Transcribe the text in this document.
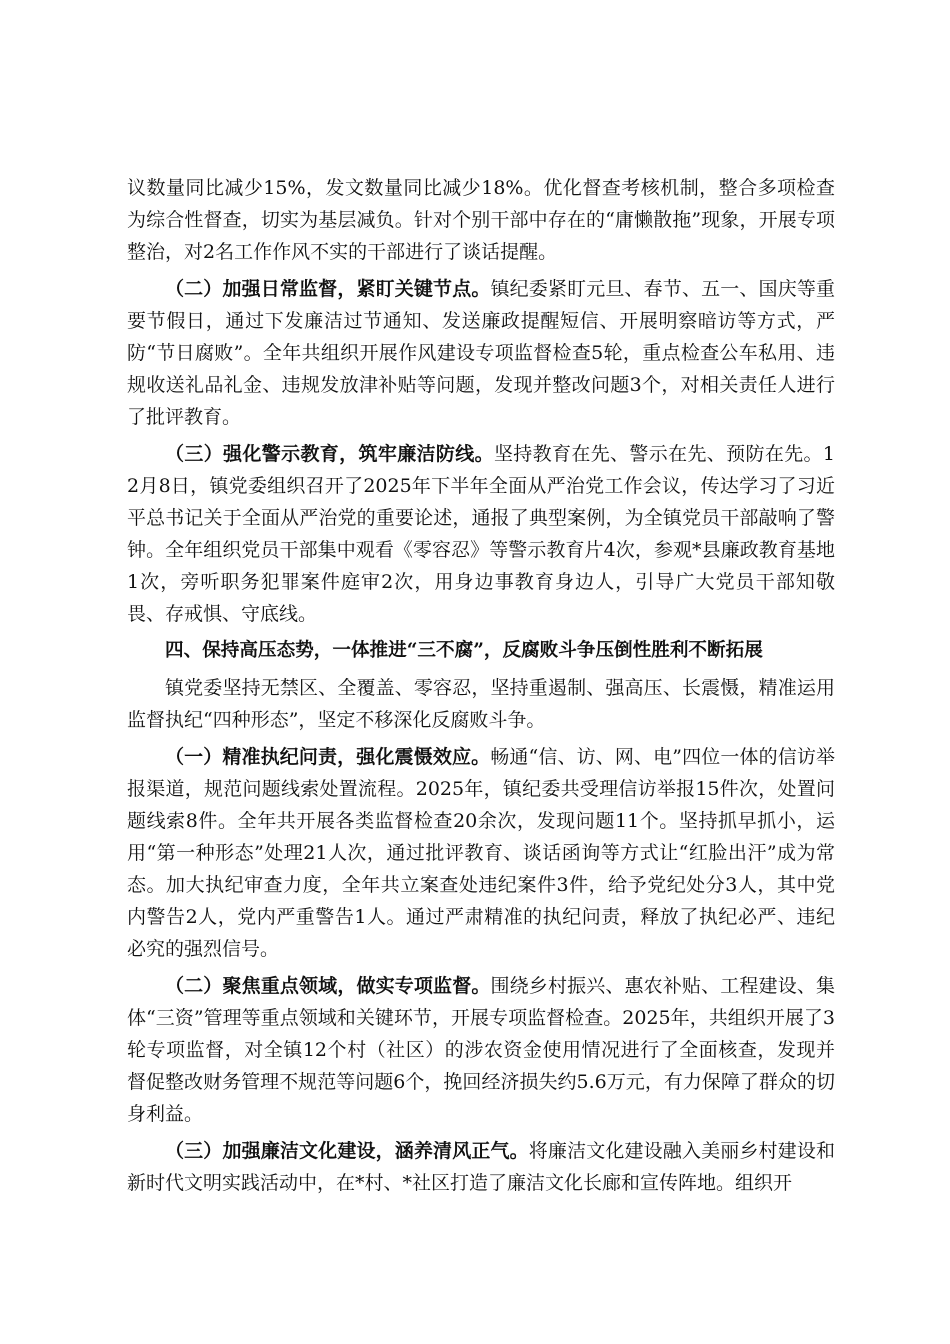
议数量同比减少15%，发文数量同比减少18%。优化督查考核机制，整合多项检查为综合性督查，切实为基层减负。针对个别干部中存在的“庸懒散拖”现象，开展专项整治，对2名工作作风不实的干部进行了谈话提醒。

（二）加强日常监督，紧盯关键节点。镇纪委紧盯元旦、春节、五一、国庆等重要节假日，通过下发廉洁过节通知、发送廉政提醒短信、开展明察暗访等方式，严防“节日腐败”。全年共组织开展作风建设专项监督检查5轮，重点检查公车私用、违规收送礼品礼金、违规发放津补贴等问题，发现并整改问题3个，对相关责任人进行了批评教育。

（三）强化警示教育，筑牢廉洁防线。坚持教育在先、警示在先、预防在先。12月8日，镇党委组织召开了2025年下半年全面从严治党工作会议，传达学习了习近平总书记关于全面从严治党的重要论述，通报了典型案例，为全镇党员干部敲响了警钟。全年组织党员干部集中观看《零容忍》等警示教育片4次，参观*县廉政教育基地1次，旁听职务犯罪案件庭审2次，用身边事教育身边人，引导广大党员干部知敬畏、存戒惧、守底线。

四、保持高压态势，一体推进“三不腐”，反腐败斗争压倒性胜利不断拓展

镇党委坚持无禁区、全覆盖、零容忍，坚持重遏制、强高压、长震慑，精准运用监督执纪“四种形态”，坚定不移深化反腐败斗争。

（一）精准执纪问责，强化震慑效应。畅通“信、访、网、电”四位一体的信访举报渠道，规范问题线索处置流程。2025年，镇纪委共受理信访举报15件次，处置问题线索8件。全年共开展各类监督检查20余次，发现问题11个。坚持抓早抓小，运用“第一种形态”处理21人次，通过批评教育、谈话函询等方式让“红脸出汗”成为常态。加大执纪审查力度，全年共立案查处违纪案件3件，给予党纪处分3人，其中党内警告2人，党内严重警告1人。通过严肃精准的执纪问责，释放了执纪必严、违纪必究的强烈信号。

（二）聚焦重点领域，做实专项监督。围绕乡村振兴、惠农补贴、工程建设、集体“三资”管理等重点领域和关键环节，开展专项监督检查。2025年，共组织开展了3轮专项监督，对全镇12个村（社区）的涉农资金使用情况进行了全面核查，发现并督促整改财务管理不规范等问题6个，挽回经济损失约5.6万元，有力保障了群众的切身利益。

（三）加强廉洁文化建设，涵养清风正气。将廉洁文化建设融入美丽乡村建设和新时代文明实践活动中，在*村、*社区打造了廉洁文化长廊和宣传阵地。组织开
